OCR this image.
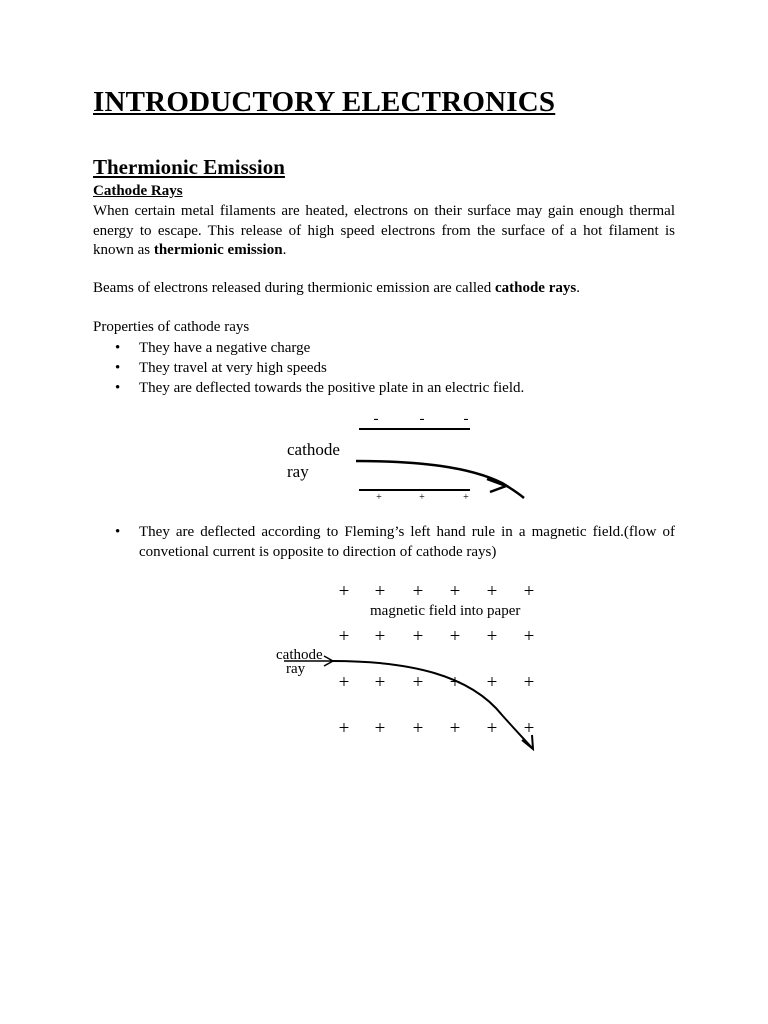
INTRODUCTORY ELECTRONICS
Thermionic Emission
Cathode Rays

When certain metal filaments are heated, electrons on their surface may gain enough thermal energy to escape. This release of high speed electrons from the surface of a hot filament is known as thermionic emission.

Beams of electrons released during thermionic emission are called cathode rays.

Properties of cathode rays

• They have a negative charge
• They travel at very high speeds
• They are deflected towards the positive plate in an electric field.
• They are deflected according to Fleming’s left hand rule in a magnetic field.(flow of convetional current is opposite to direction of cathode rays)
-	-	-
cathode
ray
+	+	+
+ + + + + +
magnetic field into paper
+ + + + + +
cathode
ray
+ + + + + +
+ + + + + +
